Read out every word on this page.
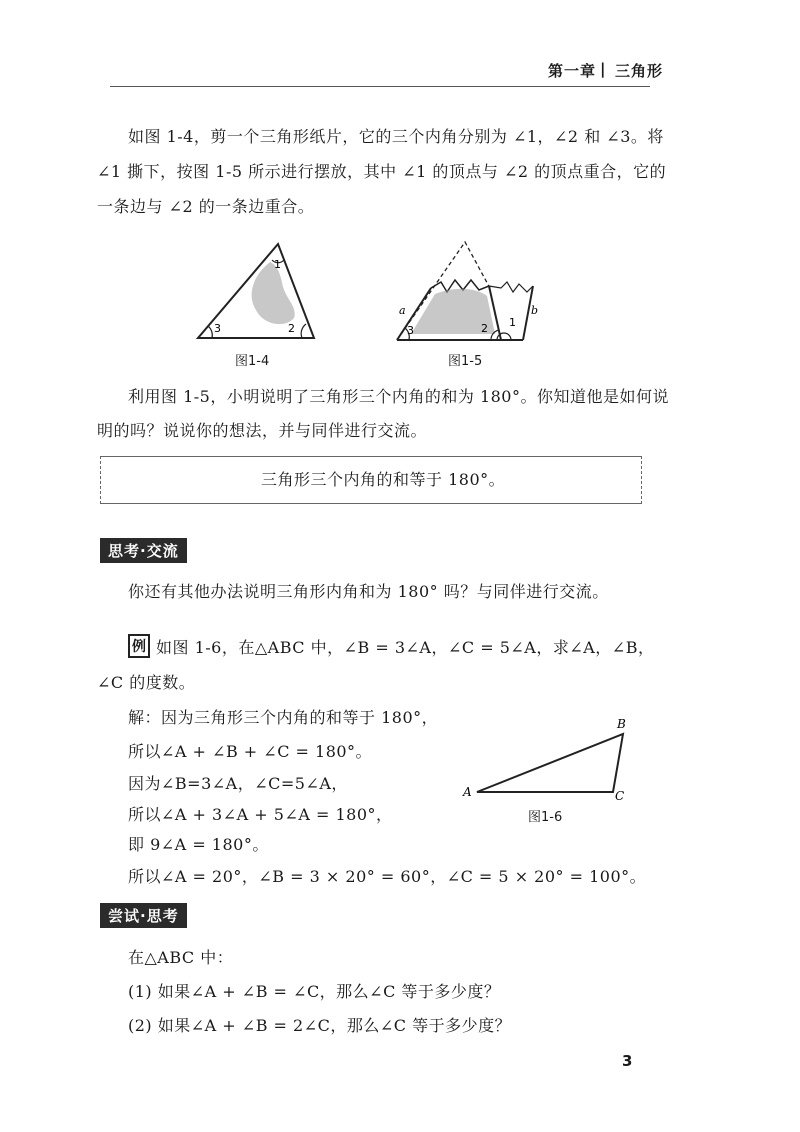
第一章 | 三角形
如图 1-4，剪一个三角形纸片，它的三个内角分别为 ∠1，∠2 和 ∠3。将
∠1 撕下，按图 1-5 所示进行摆放，其中 ∠1 的顶点与 ∠2 的顶点重合，它的
一条边与 ∠2 的一条边重合。
1
2
3
图1-4
a	b
1
2
3
图1-5
利用图 1-5，小明说明了三角形三个内角的和为 180°。你知道他是如何说
明的吗？说说你的想法，并与同伴进行交流。
三角形三个内角的和等于 180°。
思考·交流
你还有其他办法说明三角形内角和为 180° 吗？与同伴进行交流。
例 如图 1-6，在△ABC 中，∠B = 3∠A，∠C = 5∠A，求∠A，∠B，
∠C 的度数。
解：因为三角形三个内角的和等于 180°，
所以∠A + ∠B + ∠C = 180°。
因为∠B=3∠A，∠C=5∠A，
所以∠A + 3∠A + 5∠A = 180°，
即 9∠A = 180°。
所以∠A = 20°，∠B = 3 × 20° = 60°，∠C = 5 × 20° = 100°。
A
B
C
图1-6
尝试·思考
在△ABC 中：
(1) 如果∠A + ∠B = ∠C，那么∠C 等于多少度？
(2) 如果∠A + ∠B = 2∠C，那么∠C 等于多少度？
3
